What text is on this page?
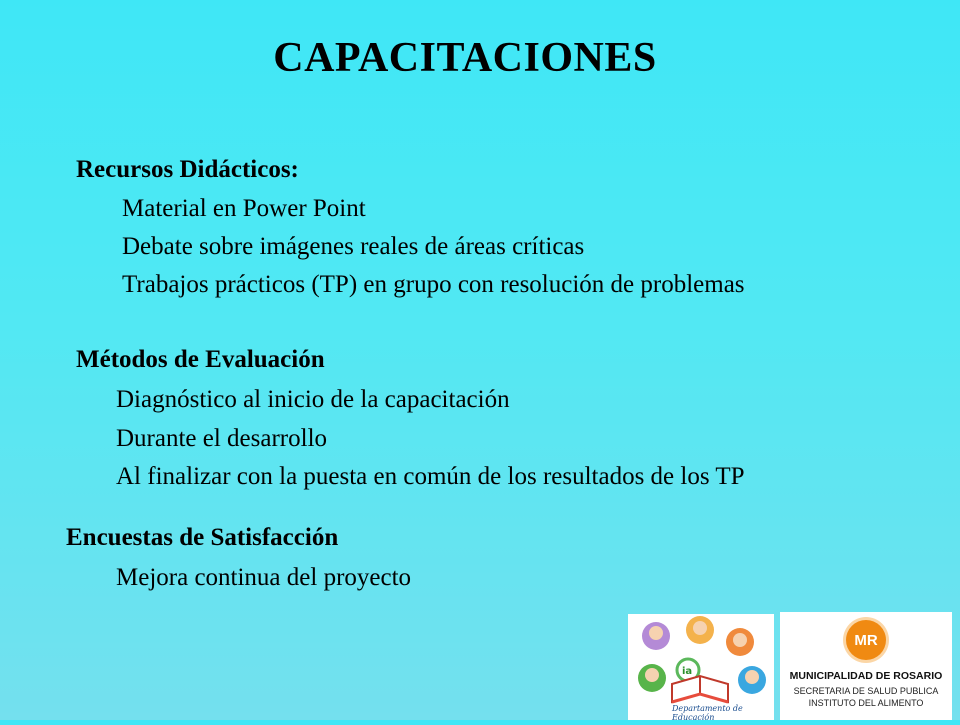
CAPACITACIONES
Recursos Didácticos:
Material en Power Point
Debate sobre imágenes reales de áreas críticas
Trabajos prácticos (TP) en grupo con resolución de problemas
Métodos de Evaluación
Diagnóstico al inicio de la capacitación
Durante el desarrollo
Al finalizar con la puesta en común de los resultados de los TP
Encuestas de Satisfacción
Mejora continua del proyecto
ia
Departamento de Educación
MR
MUNICIPALIDAD DE ROSARIO
SECRETARIA DE SALUD PUBLICA
INSTITUTO DEL ALIMENTO
